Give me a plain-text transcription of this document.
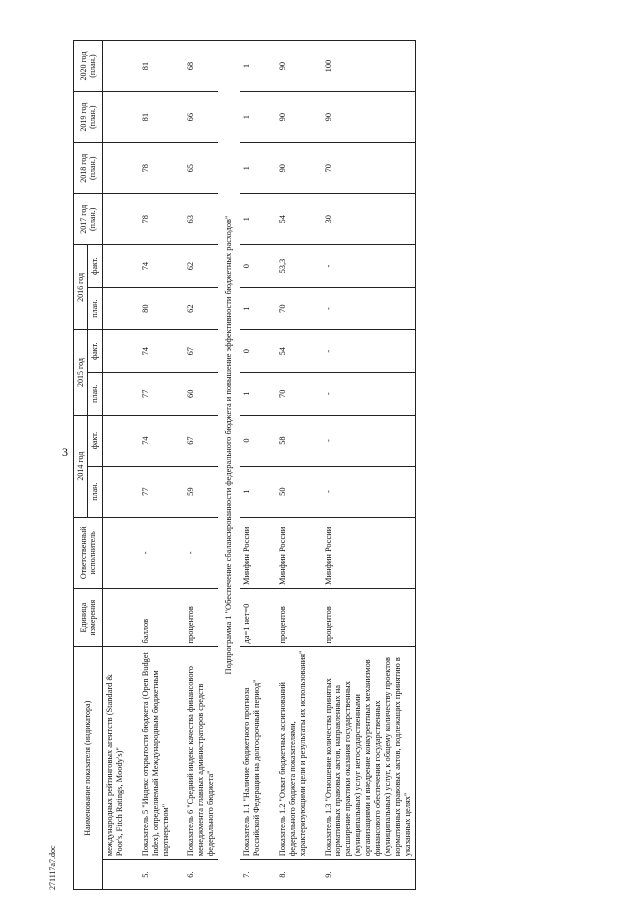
3
271117a7.doc
Наименование показателя (индикатора)		Единица измерения	Ответственный исполнитель	2014 год		2015 год		2016 год		2017 год (план.)	2018 год (план.)	2019 год (план.)	2020 год (план.)
				план.	факт.	план.	факт.	план.	факт.				
	международных рейтинговых агентств (Standard & Poor's, Fitch Ratings, Moody's)"												

5.	Показатель 5 "Индекс открытости бюджета (Open Budget Index), определяемый Международным бюджетным партнерством"	баллов	-	77	74	77	74	80	74	78	78	81	81

6.	Показатель 6 "Средний индекс качества финансового менеджмента главных администраторов средств федерального бюджета"	процентов	-	59	67	60	67	62	62	63	65	66	68
Подпрограмма 1 "Обеспечение сбалансированности федерального бюджета и повышение эффективности бюджетных расходов"													
7.	Показатель 1.1 "Наличие бюджетного прогноза Российской Федерации на долгосрочный период"	да=1 нет=0	Минфин России	1	0	1	0	1	0	1	1	1	1

8.	Показатель 1.2 "Охват бюджетных ассигнований федерального бюджета показателями, характеризующими цели и результаты их использования"	процентов	Минфин России	50	58	70	54	70	53,3	54	90	90	90

9.	Показатель 1.3 "Отношение количества принятых нормативных правовых актов, направленных на расширение практики оказания государственных (муниципальных) услуг негосударственными организациями и внедрение конкурентных механизмов финансового обеспечения государственных (муниципальных) услуг, к общему количеству проектов нормативных правовых актов, подлежащих принятию в указанных целях"	процентов	Минфин России	-	-	-	-	-	-	30	70	90	100
